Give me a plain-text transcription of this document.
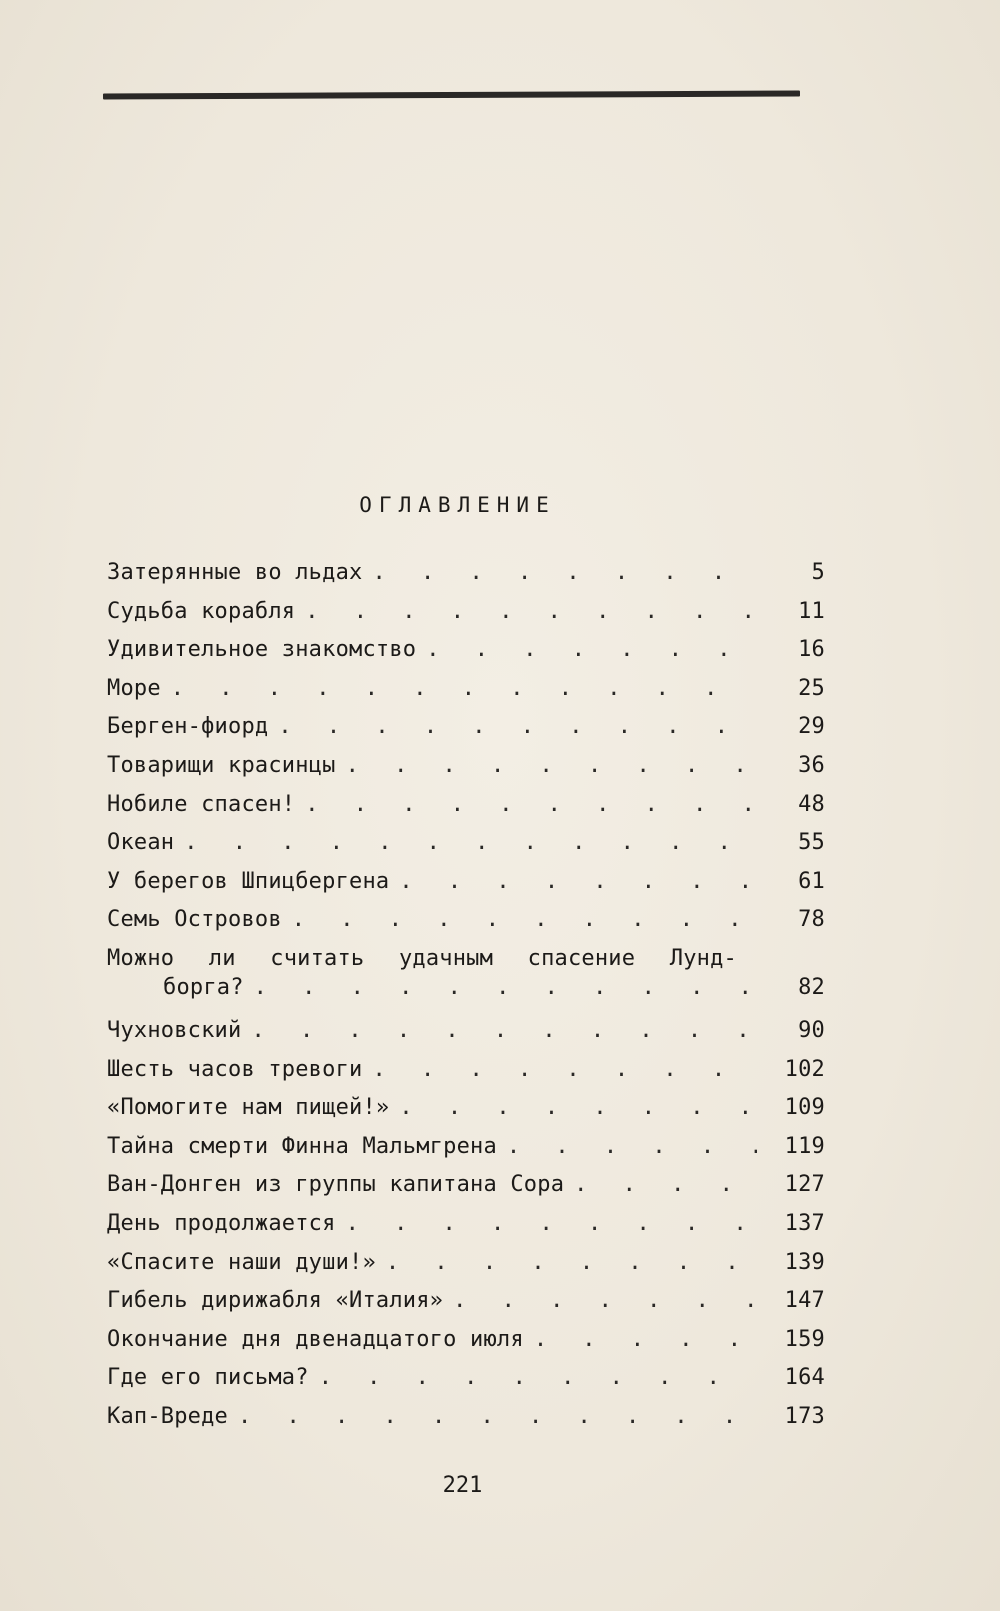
ОГЛАВЛЕНИЕ
Затерянные во льдах . . .	5
Судьба корабля . . .	11
Удивительное знакомство . . .	16
Море . . .	25
Берген-фиорд . . .	29
Товарищи красинцы . . .	36
Нобиле спасен! . . .	48
Океан . . .	55
У берегов Шпицбергена . . .	61
Семь Островов . . .	78
Можно ли считать удачным спасение Лунд-
борга? . . .	82
Чухновский . . .	90
Шесть часов тревоги . . .	102
«Помогите нам пищей!» . . .	109
Тайна смерти Финна Мальмгрена . . .	119
Ван-Донген из группы капитана Сора . . .	127
День продолжается . . .	137
«Спасите наши души!» . . .	139
Гибель дирижабля «Италия» . . .	147
Окончание дня двенадцатого июля . . .	159
Где его письма? . . .	164
Кап-Вреде . . .	173
221
